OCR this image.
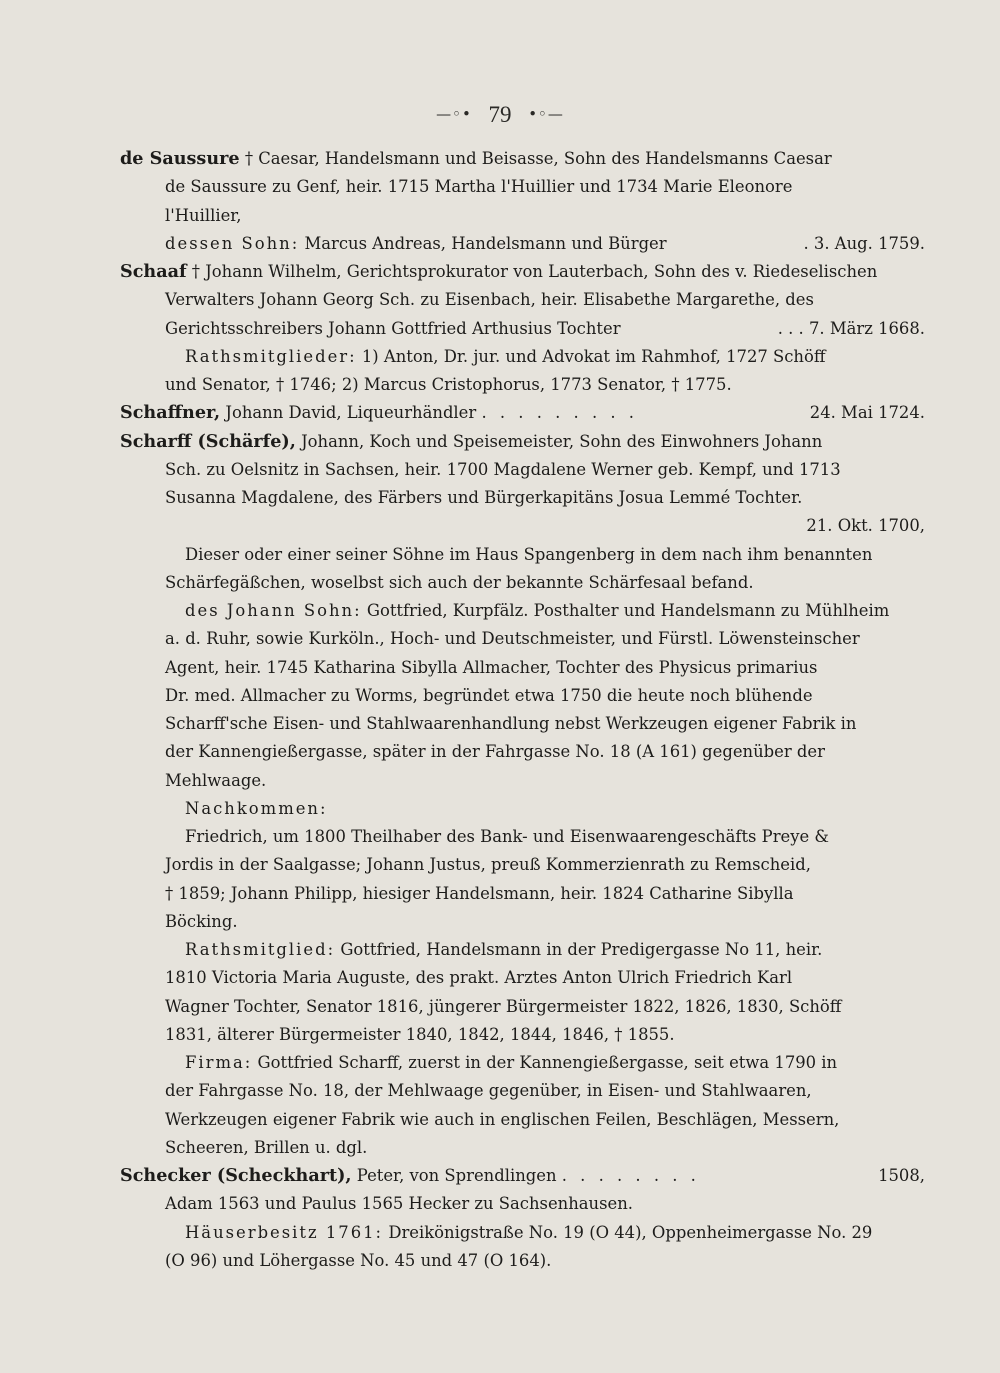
—◦• 79 •◦—
de Saussure † Caesar, Handelsmann und Beisasse, Sohn des Handelsmanns Caesar
de Saussure zu Genf, heir. 1715 Martha l'Huillier und 1734 Marie Eleonore
l'Huillier,
dessen Sohn: Marcus Andreas, Handelsmann und Bürger	. 3. Aug. 1759.
Schaaf † Johann Wilhelm, Gerichtsprokurator von Lauterbach, Sohn des v. Riedeselischen
Verwalters Johann Georg Sch. zu Eisenbach, heir. Elisabethe Margarethe, des
Gerichtsschreibers Johann Gottfried Arthusius Tochter	. . . 7. März 1668.
Rathsmitglieder: 1) Anton, Dr. jur. und Advokat im Rahmhof, 1727 Schöff
und Senator, † 1746; 2) Marcus Cristophorus, 1773 Senator, † 1775.
Schaffner, Johann David, Liqueurhändler . . . . . . . . .	24. Mai 1724.
Scharff (Schärfe), Johann, Koch und Speisemeister, Sohn des Einwohners Johann
Sch. zu Oelsnitz in Sachsen, heir. 1700 Magdalene Werner geb. Kempf, und 1713
Susanna Magdalene, des Färbers und Bürgerkapitäns Josua Lemmé Tochter.
21. Okt. 1700,
Dieser oder einer seiner Söhne im Haus Spangenberg in dem nach ihm benannten
Schärfegäßchen, woselbst sich auch der bekannte Schärfesaal befand.
des Johann Sohn: Gottfried, Kurpfälz. Posthalter und Handelsmann zu Mühlheim
a. d. Ruhr, sowie Kurköln., Hoch- und Deutschmeister, und Fürstl. Löwensteinscher
Agent, heir. 1745 Katharina Sibylla Allmacher, Tochter des Physicus primarius
Dr. med. Allmacher zu Worms, begründet etwa 1750 die heute noch blühende
Scharff'sche Eisen- und Stahlwaarenhandlung nebst Werkzeugen eigener Fabrik in
der Kannengießergasse, später in der Fahrgasse No. 18 (A 161) gegenüber der
Mehlwaage.
Nachkommen:
Friedrich, um 1800 Theilhaber des Bank- und Eisenwaarengeschäfts Preye &
Jordis in der Saalgasse; Johann Justus, preuß Kommerzienrath zu Remscheid,
† 1859; Johann Philipp, hiesiger Handelsmann, heir. 1824 Catharine Sibylla
Böcking.
Rathsmitglied: Gottfried, Handelsmann in der Predigergasse No 11, heir.
1810 Victoria Maria Auguste, des prakt. Arztes Anton Ulrich Friedrich Karl
Wagner Tochter, Senator 1816, jüngerer Bürgermeister 1822, 1826, 1830, Schöff
1831, älterer Bürgermeister 1840, 1842, 1844, 1846, † 1855.
Firma: Gottfried Scharff, zuerst in der Kannengießergasse, seit etwa 1790 in
der Fahrgasse No. 18, der Mehlwaage gegenüber, in Eisen- und Stahlwaaren,
Werkzeugen eigener Fabrik wie auch in englischen Feilen, Beschlägen, Messern,
Scheeren, Brillen u. dgl.
Schecker (Scheckhart), Peter, von Sprendlingen . . . . . . . .	1508,
Adam 1563 und Paulus 1565 Hecker zu Sachsenhausen.
Häuserbesitz 1761: Dreikönigstraße No. 19 (O 44), Oppenheimergasse No. 29
(O 96) und Löhergasse No. 45 und 47 (O 164).
